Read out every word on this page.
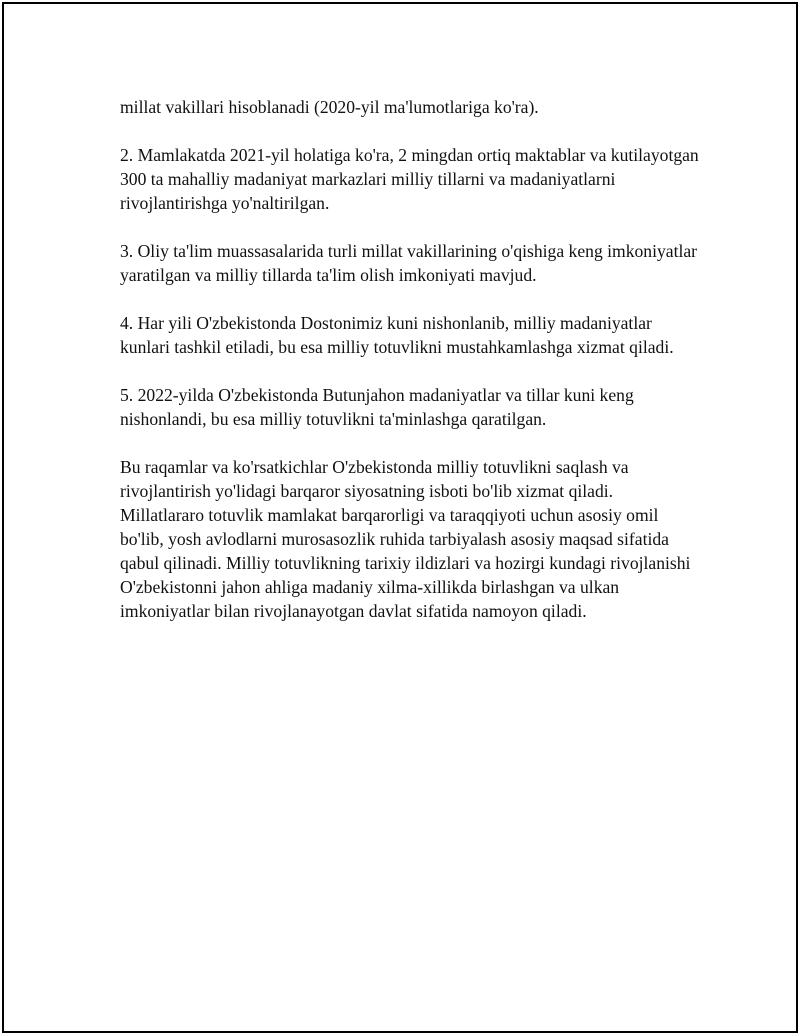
millat vakillari hisoblanadi (2020-yil ma'lumotlariga ko'ra).

2. Mamlakatda 2021-yil holatiga ko'ra, 2 mingdan ortiq maktablar va kutilayotgan 300 ta mahalliy madaniyat markazlari milliy tillarni va madaniyatlarni rivojlantirishga yo'naltirilgan.

3. Oliy ta'lim muassasalarida turli millat vakillarining o'qishiga keng imkoniyatlar yaratilgan va milliy tillarda ta'lim olish imkoniyati mavjud.

4. Har yili O'zbekistonda Dostonimiz kuni nishonlanib, milliy madaniyatlar kunlari tashkil etiladi, bu esa milliy totuvlikni mustahkamlashga xizmat qiladi.

5. 2022-yilda O'zbekistonda Butunjahon madaniyatlar va tillar kuni keng nishonlandi, bu esa milliy totuvlikni ta'minlashga qaratilgan.

Bu raqamlar va ko'rsatkichlar O'zbekistonda milliy totuvlikni saqlash va rivojlantirish yo'lidagi barqaror siyosatning isboti bo'lib xizmat qiladi. Millatlararo totuvlik mamlakat barqarorligi va taraqqiyoti uchun asosiy omil bo'lib, yosh avlodlarni murosasozlik ruhida tarbiyalash asosiy maqsad sifatida qabul qilinadi. Milliy totuvlikning tarixiy ildizlari va hozirgi kundagi rivojlanishi O'zbekistonni jahon ahliga madaniy xilma-xillikda birlashgan va ulkan imkoniyatlar bilan rivojlanayotgan davlat sifatida namoyon qiladi.
